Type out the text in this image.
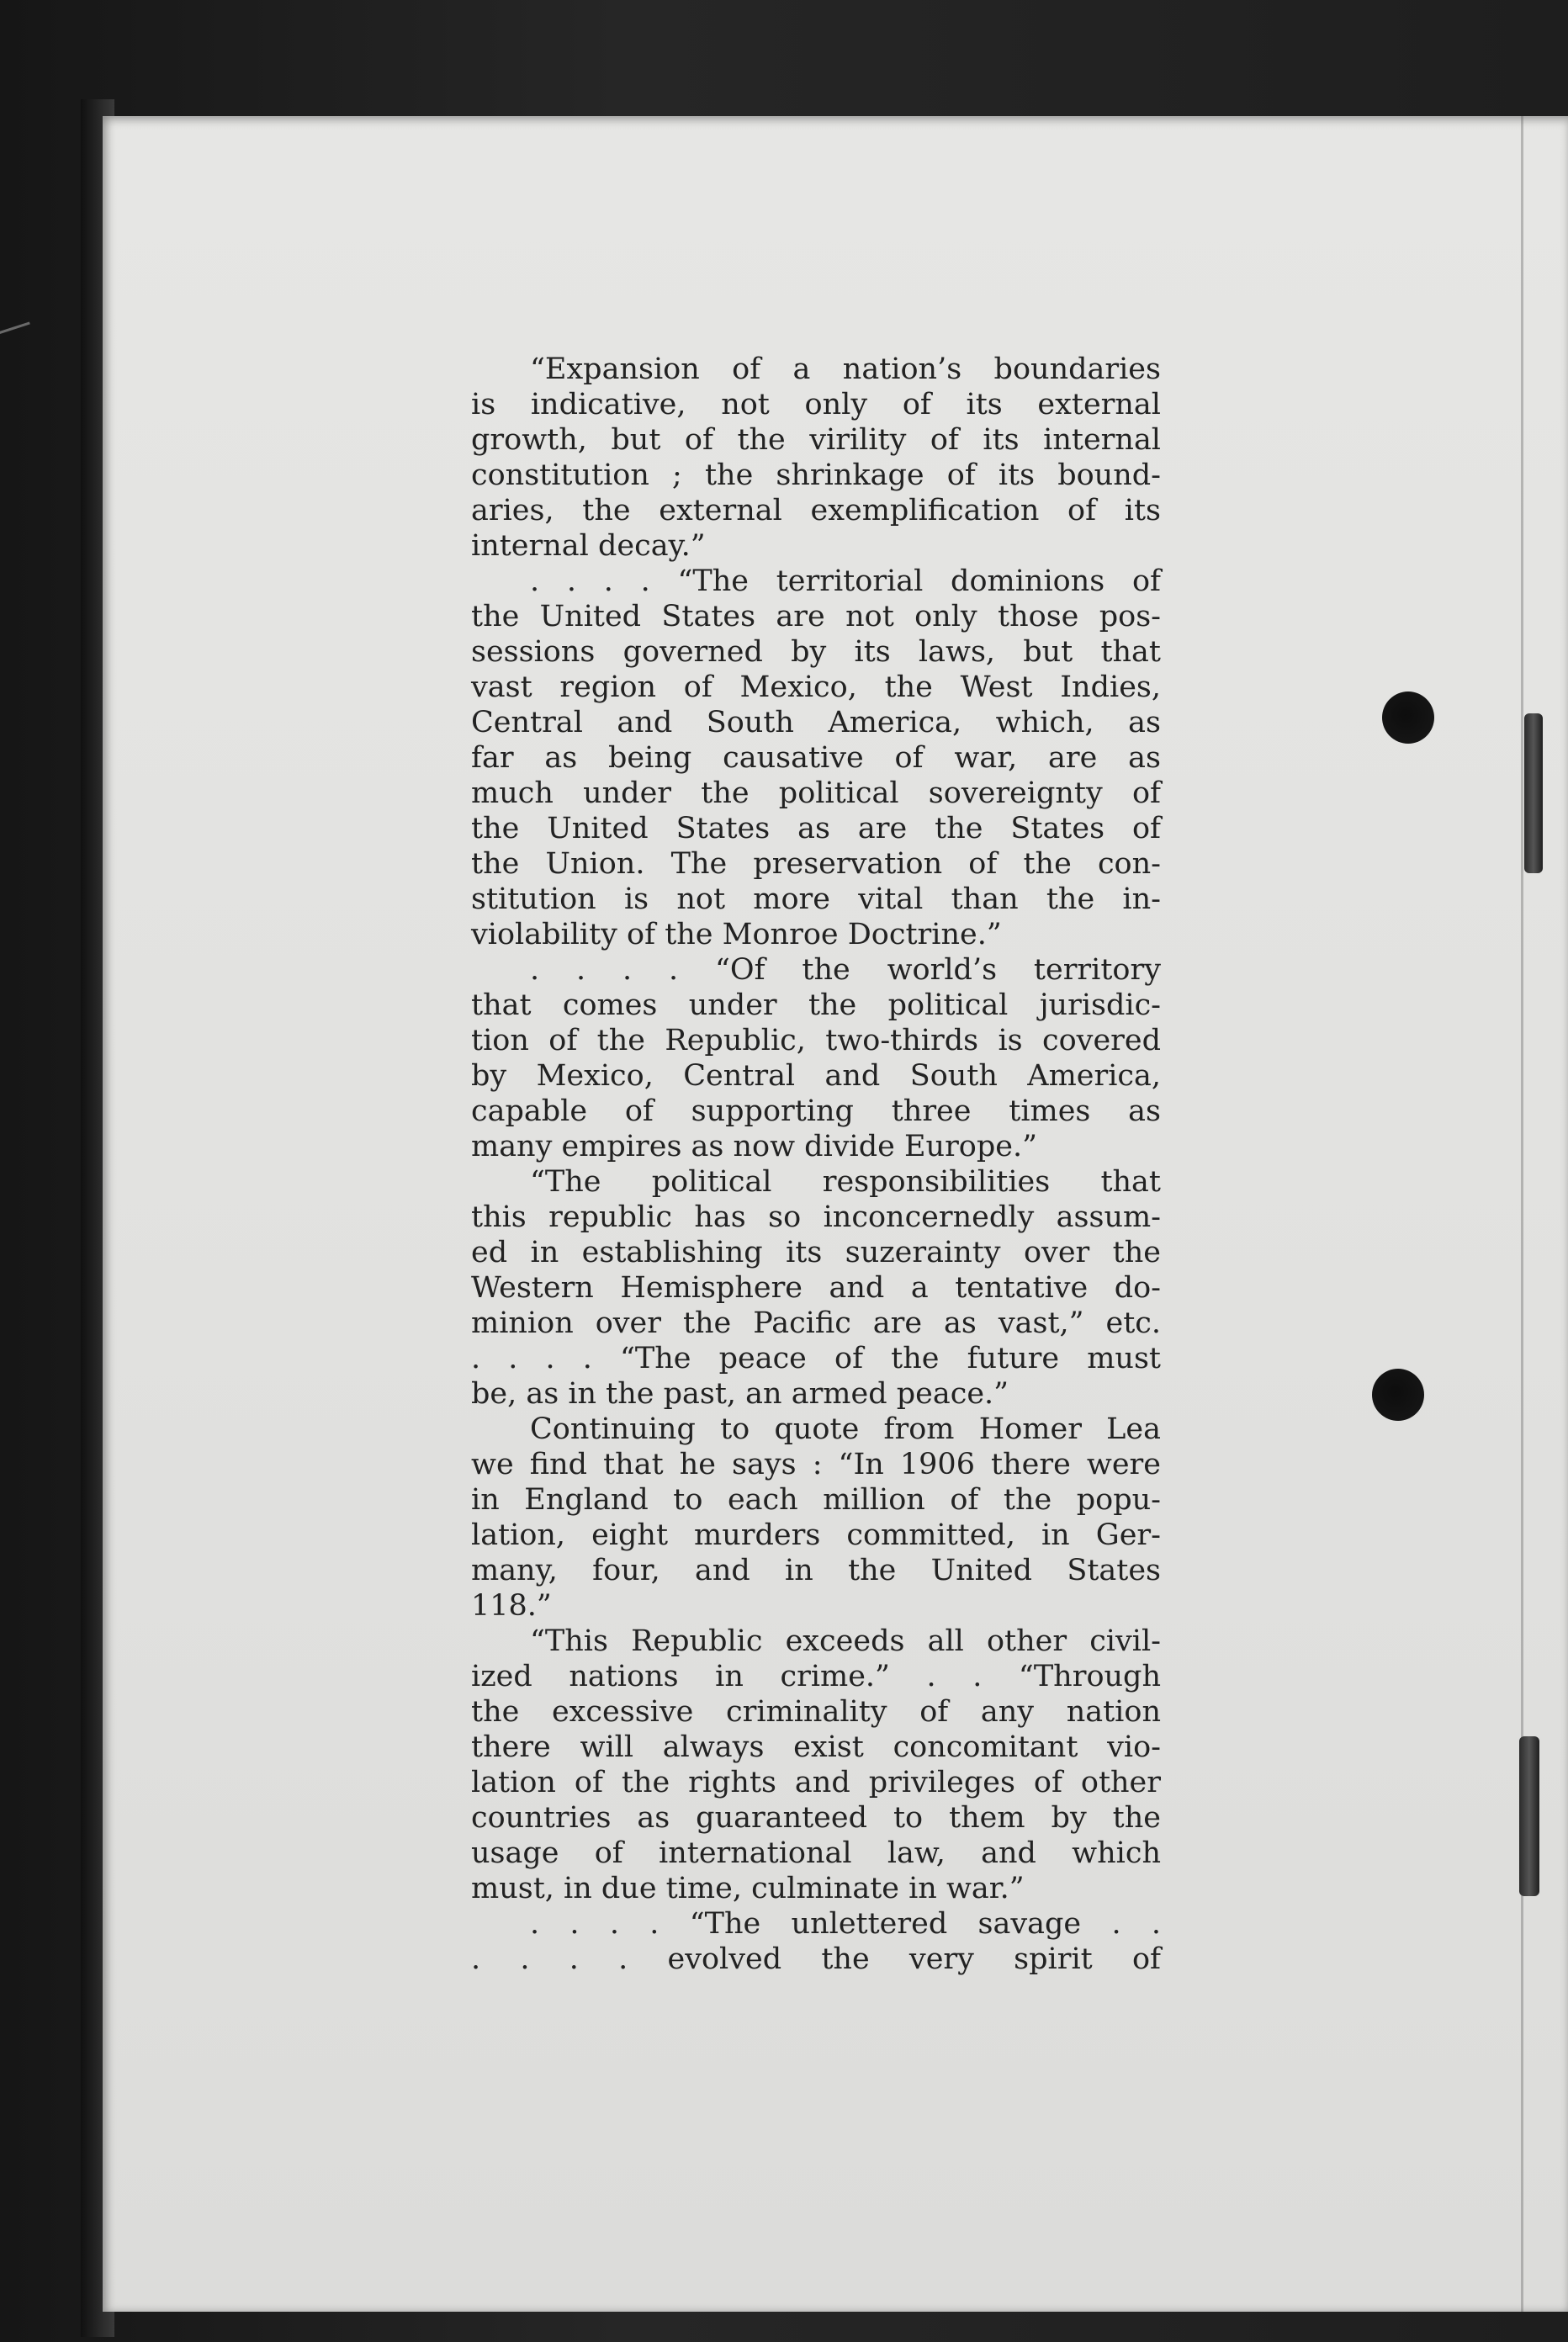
“Expansion of a nation’s boundaries
is indicative, not only of its external
growth, but of the virility of its internal
constitution ; the shrinkage of its bound-
aries, the external exemplification of its
internal decay.”
. . . . “The territorial dominions of
the United States are not only those pos-
sessions governed by its laws, but that
vast region of Mexico, the West Indies,
Central and South America, which, as
far as being causative of war, are as
much under the political sovereignty of
the United States as are the States of
the Union. The preservation of the con-
stitution is not more vital than the in-
violability of the Monroe Doctrine.”
. . . . “Of the world’s territory
that comes under the political jurisdic-
tion of the Republic, two-thirds is covered
by Mexico, Central and South America,
capable of supporting three times as
many empires as now divide Europe.”
“The political responsibilities that
this republic has so inconcernedly assum-
ed in establishing its suzerainty over the
Western Hemisphere and a tentative do-
minion over the Pacific are as vast,” etc.
. . . . “The peace of the future must
be, as in the past, an armed peace.”
Continuing to quote from Homer Lea
we find that he says : “In 1906 there were
in England to each million of the popu-
lation, eight murders committed, in Ger-
many, four, and in the United States
118.”
“This Republic exceeds all other civil-
ized nations in crime.” . . “Through
the excessive criminality of any nation
there will always exist concomitant vio-
lation of the rights and privileges of other
countries as guaranteed to them by the
usage of international law, and which
must, in due time, culminate in war.”
. . . . “The unlettered savage . .
. . . . evolved the very spirit of
